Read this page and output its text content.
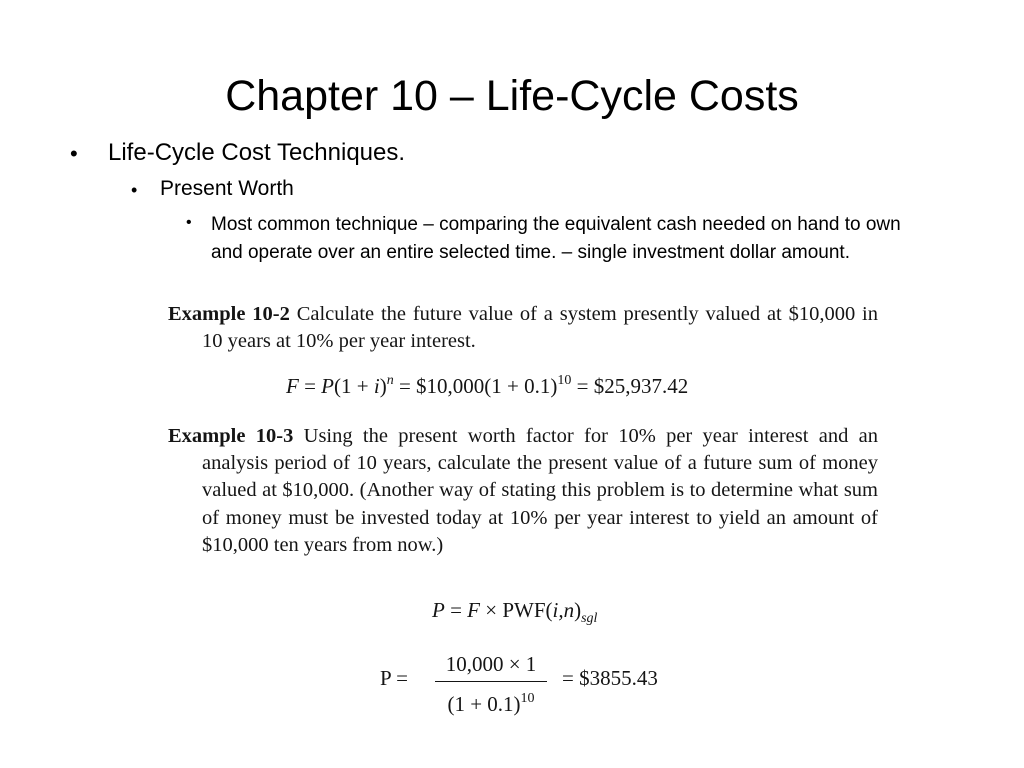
Chapter 10 – Life-Cycle Costs
• Life-Cycle Cost Techniques.
• Present Worth
• Most common technique – comparing the equivalent cash needed on hand to own and operate over an entire selected time. – single investment dollar amount.

Example 10-2 Calculate the future value of a system presently valued at $10,000 in 10 years at 10% per year interest.

$F = P(1 + i)^n$ = $10,000(1 + 0.1)$^{10}$ = $25,937.42

Example 10-3 Using the present worth factor for 10% per year interest and an analysis period of 10 years, calculate the present value of a future sum of money valued at $10,000. (Another way of stating this problem is to determine what sum of money must be invested today at 10% per year interest to yield an amount of $10,000 ten years from now.)

$P = F \times PWF(i,n)_{sgl}$
P =
10,000 × 1
$(1 + 0.1)^{10}$
= $3855.43
